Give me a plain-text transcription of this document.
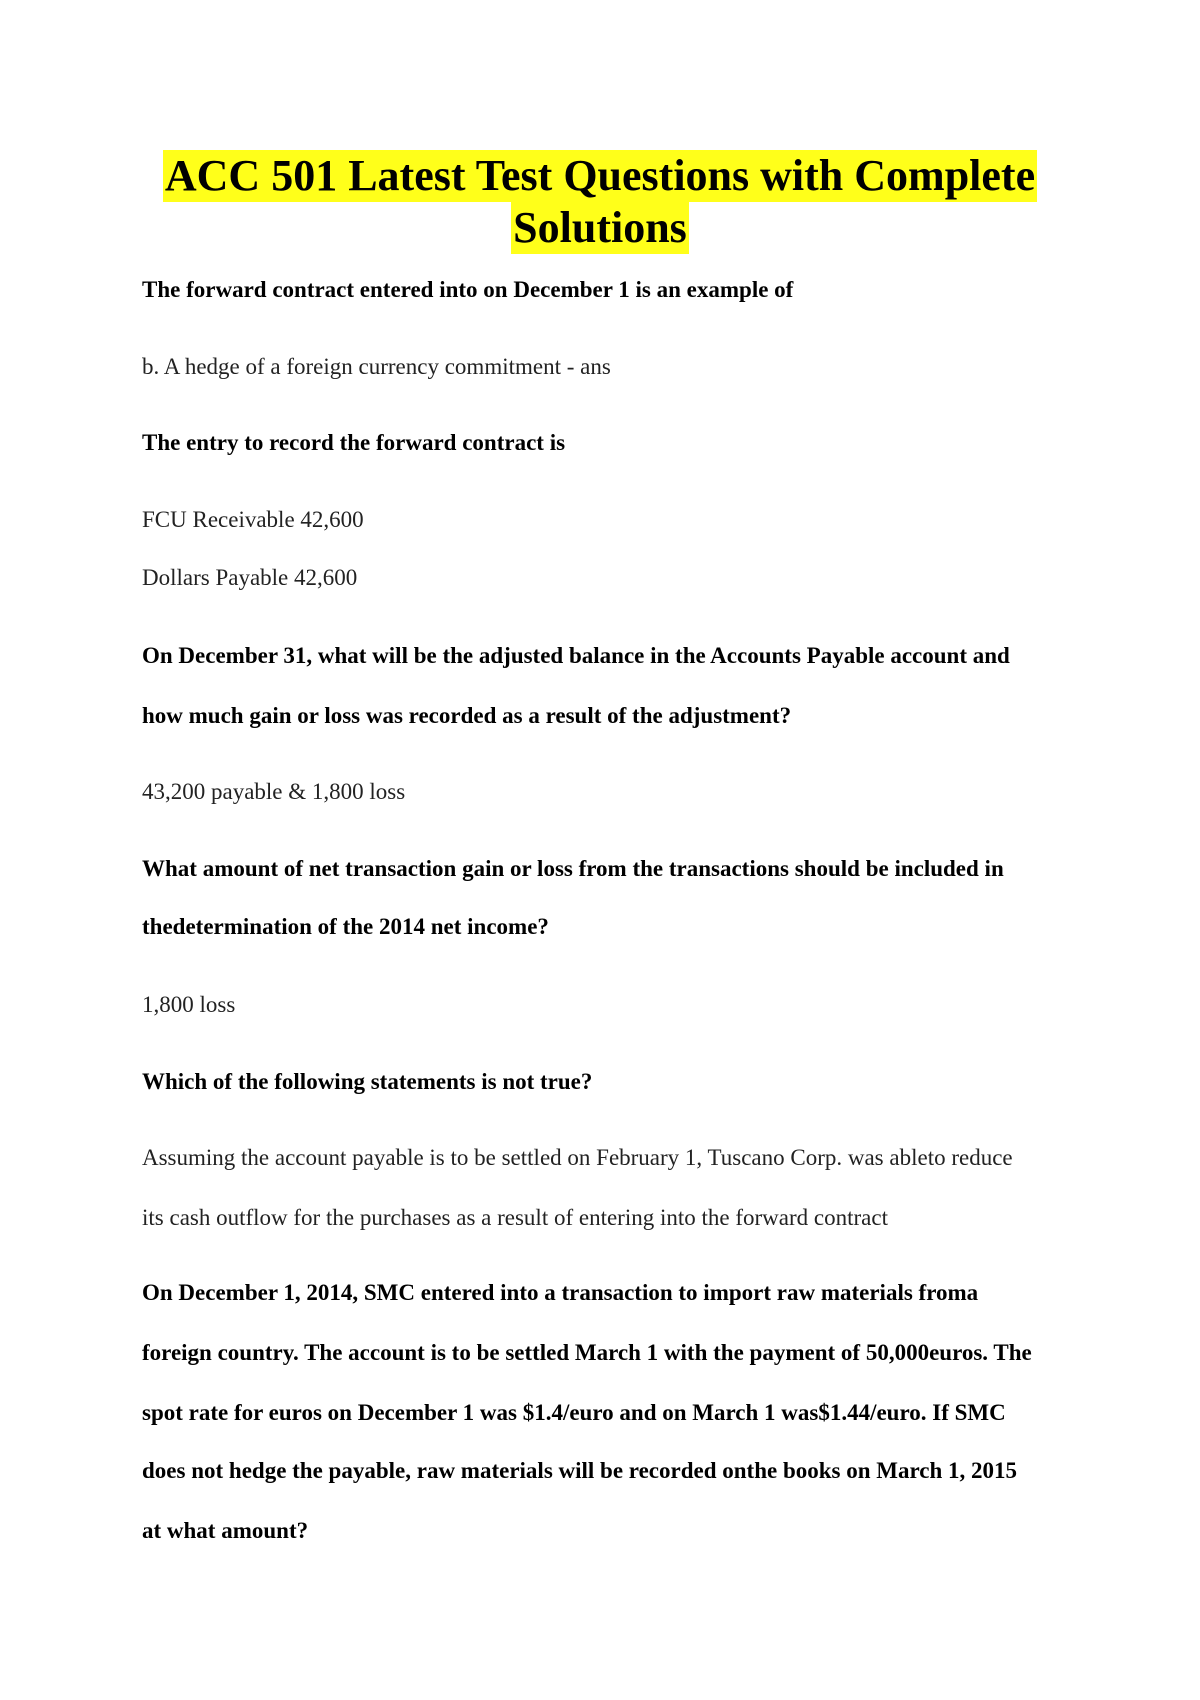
ACC 501 Latest Test Questions with Complete
Solutions

The forward contract entered into on December 1 is an example of

b. A hedge of a foreign currency commitment - ans

The entry to record the forward contract is

FCU Receivable 42,600

Dollars Payable 42,600

On December 31, what will be the adjusted balance in the Accounts Payable account and

how much gain or loss was recorded as a result of the adjustment?

43,200 payable & 1,800 loss

What amount of net transaction gain or loss from the transactions should be included in

thedetermination of the 2014 net income?

1,800 loss

Which of the following statements is not true?

Assuming the account payable is to be settled on February 1, Tuscano Corp. was ableto reduce

its cash outflow for the purchases as a result of entering into the forward contract

On December 1, 2014, SMC entered into a transaction to import raw materials froma

foreign country. The account is to be settled March 1 with the payment of 50,000euros. The

spot rate for euros on December 1 was $1.4/euro and on March 1 was$1.44/euro. If SMC

does not hedge the payable, raw materials will be recorded onthe books on March 1, 2015

at what amount?
